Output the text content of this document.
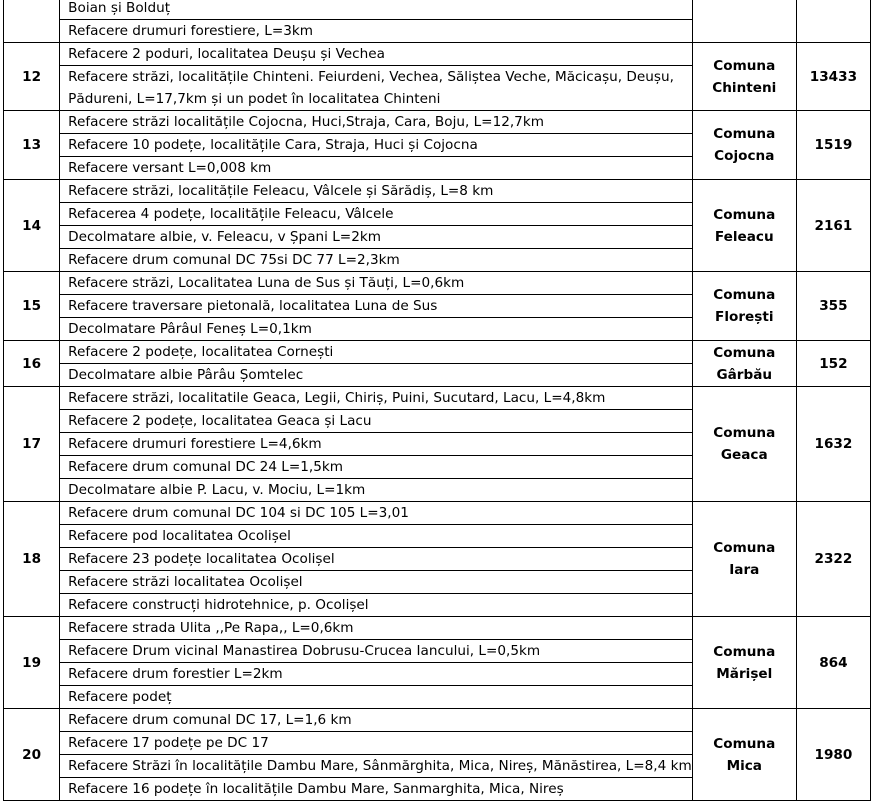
	Boian și Bolduț		
	Refacere drumuri forestiere, L=3km		
12	Refacere 2 poduri, localitatea Deușu și Vechea	Comuna Chinteni	13433
	Refacere străzi, localitățile Chinteni. Feiurdeni, Vechea, Săliștea Veche, Măcicașu, Deușu, Pădureni, L=17,7km și un podet în localitatea Chinteni		
13	Refacere străzi localitățile Cojocna, Huci,Straja, Cara, Boju, L=12,7km	Comuna Cojocna	1519
	Refacere 10 podețe, localitățile Cara, Straja, Huci și Cojocna		
	Refacere versant L=0,008 km		
14	Refacere străzi, localitățile Feleacu, Vâlcele și Sărădiș, L=8 km	Comuna Feleacu	2161
	Refacerea 4 podețe, localitățile Feleacu, Vâlcele		
	Decolmatare albie, v. Feleacu, v Șpani L=2km		
	Refacere drum comunal DC 75si DC 77 L=2,3km		
15	Refacere străzi, Localitatea Luna de Sus și Tăuți, L=0,6km	Comuna Florești	355
	Refacere traversare pietonală, localitatea Luna de Sus		
	Decolmatare Pârâul Feneș L=0,1km		
16	Refacere 2 podețe, localitatea Cornești	Comuna Gârbău	152
	Decolmatare albie Pârâu Șomtelec		
17	Refacere străzi, localitatile Geaca, Legii, Chiriș, Puini, Sucutard, Lacu, L=4,8km	Comuna Geaca	1632
	Refacere 2 podețe, localitatea Geaca și Lacu		
	Refacere drumuri forestiere L=4,6km		
	Refacere drum comunal DC 24 L=1,5km		
	Decolmatare albie P. Lacu, v. Mociu, L=1km		
18	Refacere drum comunal DC 104 si DC 105 L=3,01	Comuna Iara	2322
	Refacere pod localitatea Ocolișel		
	Refacere 23 podețe localitatea Ocolișel		
	Refacere străzi localitatea Ocolișel		
	Refacere construcți hidrotehnice, p. Ocolișel		
19	Refacere strada Ulita ,,Pe Rapa,, L=0,6km	Comuna Mărișel	864
	Refacere Drum vicinal Manastirea Dobrusu-Crucea Iancului, L=0,5km		
	Refacere drum forestier L=2km		
	Refacere podeț		
20	Refacere drum comunal DC 17, L=1,6 km	Comuna Mica	1980
	Refacere 17 podețe pe DC 17		
	Refacere Străzi în localitățile Dambu Mare, Sânmărghita, Mica, Nireș, Mănăstirea, L=8,4 km		
	Refacere 16 podețe în localitățile Dambu Mare, Sanmarghita, Mica, Nireș		
